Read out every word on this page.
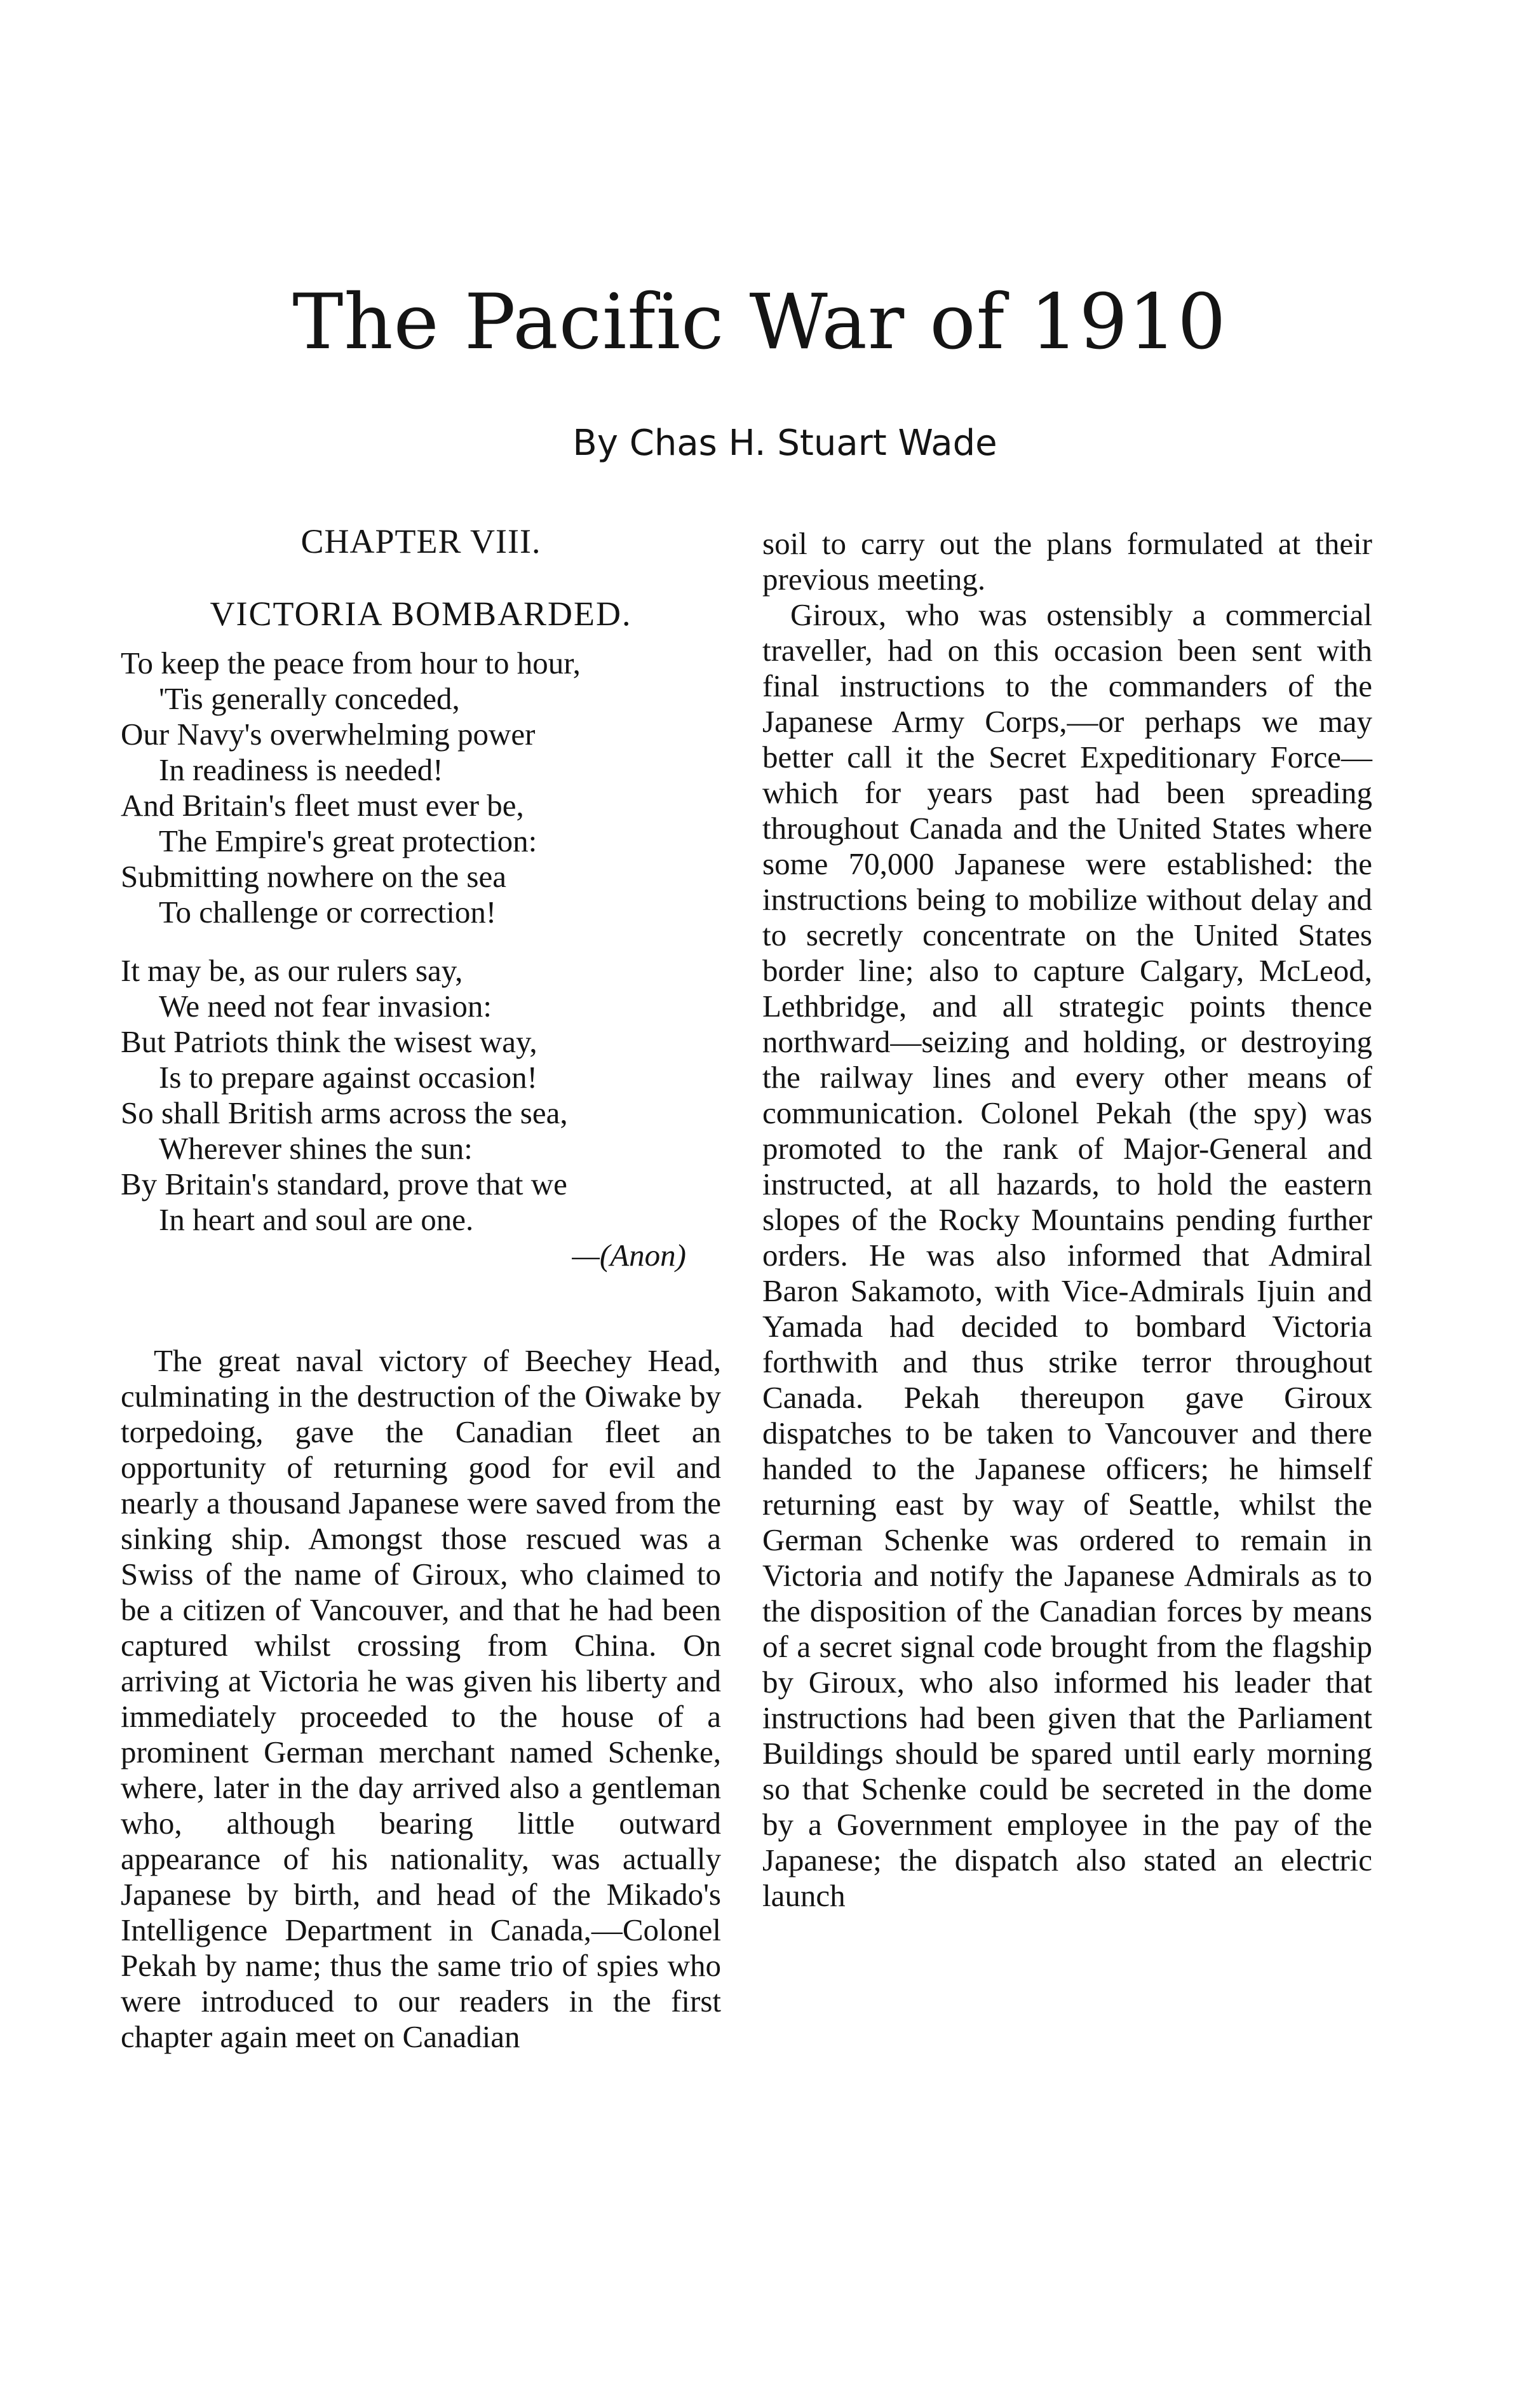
The Pacific War of 1910
By Chas H. Stuart Wade
CHAPTER VIII.
VICTORIA BOMBARDED.
To keep the peace from hour to hour,
'Tis generally conceded,
Our Navy's overwhelming power
In readiness is needed!
And Britain's fleet must ever be,
The Empire's great protection:
Submitting nowhere on the sea
To challenge or correction!
It may be, as our rulers say,
We need not fear invasion:
But Patriots think the wisest way,
Is to prepare against occasion!
So shall British arms across the sea,
Wherever shines the sun:
By Britain's standard, prove that we
In heart and soul are one.
—(Anon)

The great naval victory of Beechey Head, culminating in the destruction of the Oiwake by torpedoing, gave the Canadian fleet an opportunity of returning good for evil and nearly a thousand Japanese were saved from the sinking ship. Amongst those rescued was a Swiss of the name of Giroux, who claimed to be a citizen of Vancouver, and that he had been captured whilst crossing from China. On arriving at Victoria he was given his liberty and immediately proceeded to the house of a prominent German merchant named Schenke, where, later in the day arrived also a gentleman who, although bearing little outward appearance of his nationality, was actually Japanese by birth, and head of the Mikado's Intelligence Department in Canada,—Colonel Pekah by name; thus the same trio of spies who were introduced to our readers in the first chapter again meet on Canadian

soil to carry out the plans formulated at their previous meeting.

Giroux, who was ostensibly a commercial traveller, had on this occasion been sent with final instructions to the commanders of the Japanese Army Corps,—or perhaps we may better call it the Secret Expeditionary Force—which for years past had been spreading throughout Canada and the United States where some 70,000 Japanese were established: the instructions being to mobilize without delay and to secretly concentrate on the United States border line; also to capture Calgary, McLeod, Lethbridge, and all strategic points thence northward—seizing and holding, or destroying the railway lines and every other means of communication. Colonel Pekah (the spy) was promoted to the rank of Major-General and instructed, at all hazards, to hold the eastern slopes of the Rocky Mountains pending further orders. He was also informed that Admiral Baron Sakamoto, with Vice-Admirals Ijuin and Yamada had decided to bombard Victoria forthwith and thus strike terror throughout Canada. Pekah thereupon gave Giroux dispatches to be taken to Vancouver and there handed to the Japanese officers; he himself returning east by way of Seattle, whilst the German Schenke was ordered to remain in Victoria and notify the Japanese Admirals as to the disposition of the Canadian forces by means of a secret signal code brought from the flagship by Giroux, who also informed his leader that instructions had been given that the Parliament Buildings should be spared until early morning so that Schenke could be secreted in the dome by a Government employee in the pay of the Japanese; the dispatch also stated an electric launch
